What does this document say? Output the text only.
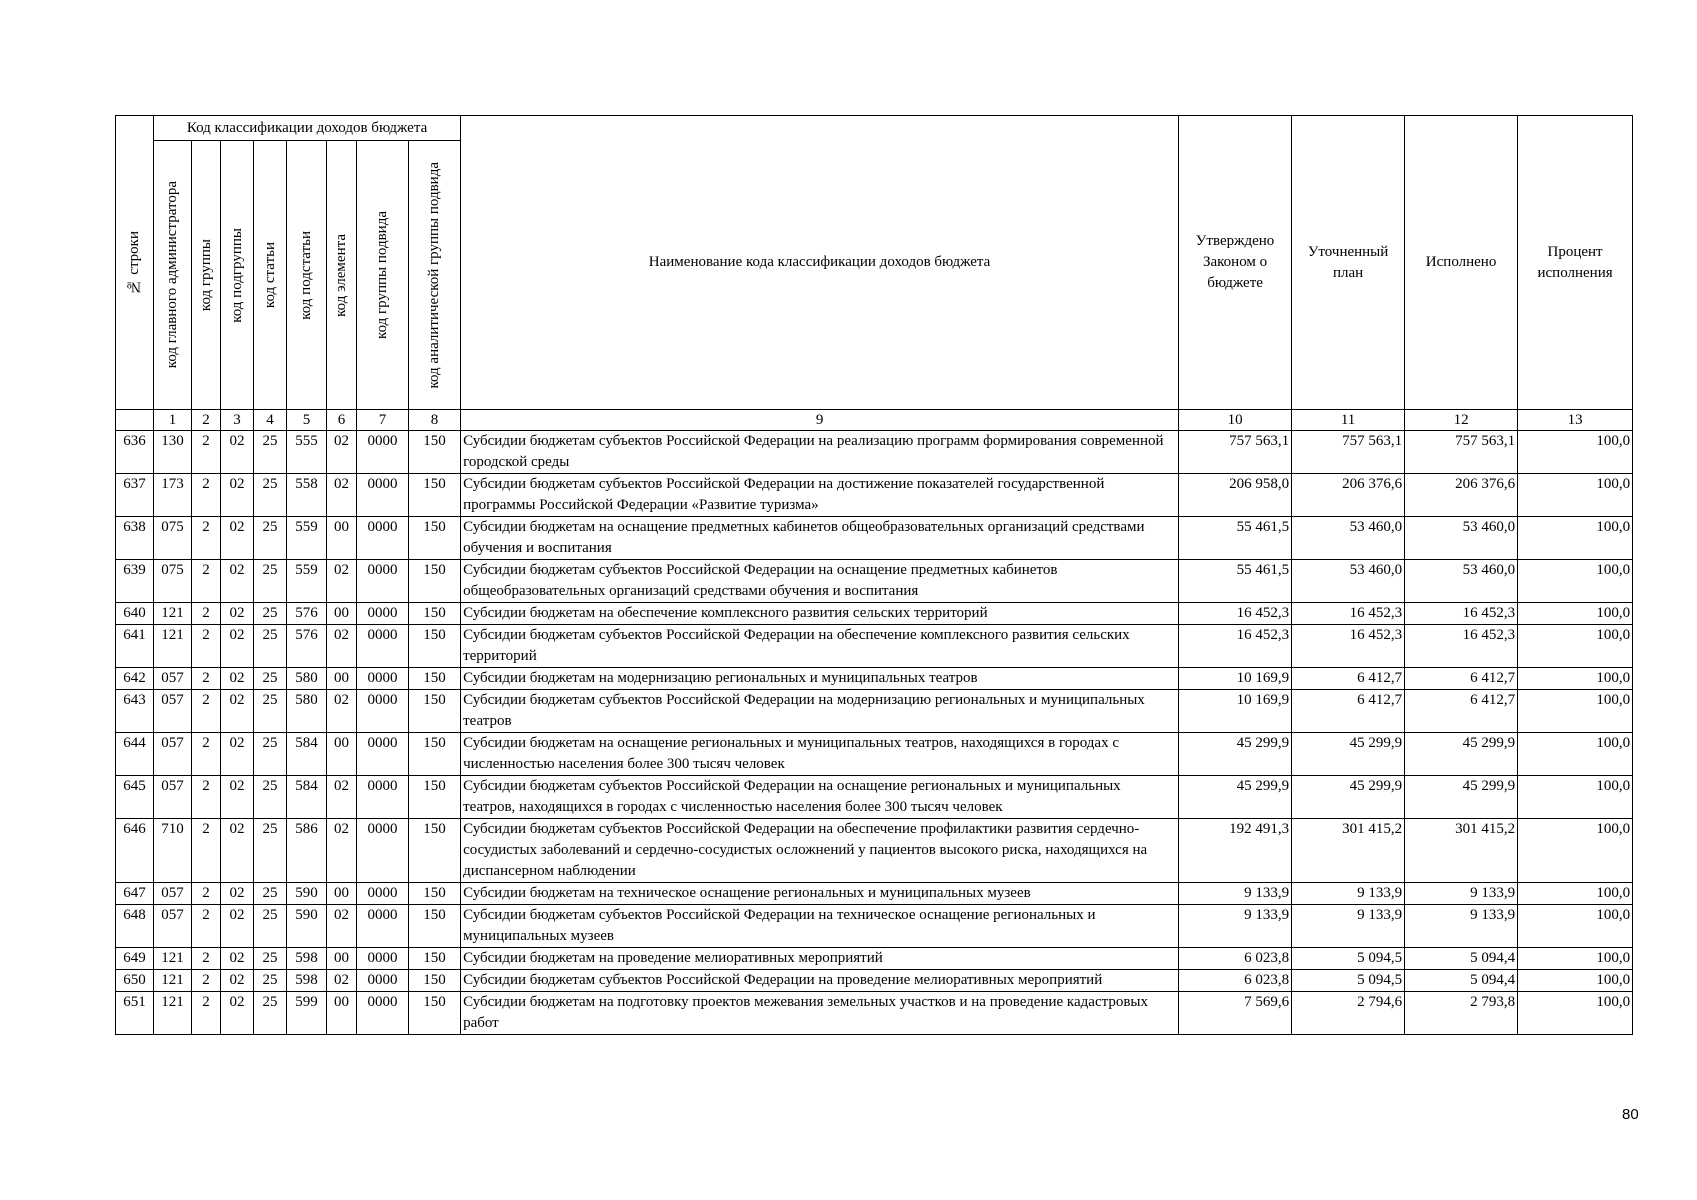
№ строки	Код классификации доходов бюджета								Наименование кода классификации доходов бюджета	Утверждено Законом о бюджете	Уточненный план	Исполнено	Процент исполнения

	код главного администратора	код группы	код подгруппы	код статьи	код подстатьи	код элемента	код группы подвида	код аналитической группы подвида					

	1	2	3	4	5	6	7	8	9	10	11	12	13
636	130	2	02	25	555	02	0000	150	Субсидии бюджетам субъектов Российской Федерации на реализацию программ формирования современной городской среды	757 563,1	757 563,1	757 563,1	100,0
637	173	2	02	25	558	02	0000	150	Субсидии бюджетам субъектов Российской Федерации на достижение показателей государственной программы Российской Федерации «Развитие туризма»	206 958,0	206 376,6	206 376,6	100,0
638	075	2	02	25	559	00	0000	150	Субсидии бюджетам на оснащение предметных кабинетов общеобразовательных организаций средствами обучения и воспитания	55 461,5	53 460,0	53 460,0	100,0
639	075	2	02	25	559	02	0000	150	Субсидии бюджетам субъектов Российской Федерации на оснащение предметных кабинетов общеобразовательных организаций средствами обучения и воспитания	55 461,5	53 460,0	53 460,0	100,0
640	121	2	02	25	576	00	0000	150	Субсидии бюджетам на обеспечение комплексного развития сельских территорий	16 452,3	16 452,3	16 452,3	100,0
641	121	2	02	25	576	02	0000	150	Субсидии бюджетам субъектов Российской Федерации на обеспечение комплексного развития сельских территорий	16 452,3	16 452,3	16 452,3	100,0
642	057	2	02	25	580	00	0000	150	Субсидии бюджетам на модернизацию региональных и муниципальных театров	10 169,9	6 412,7	6 412,7	100,0
643	057	2	02	25	580	02	0000	150	Субсидии бюджетам субъектов Российской Федерации на модернизацию региональных и муниципальных театров	10 169,9	6 412,7	6 412,7	100,0
644	057	2	02	25	584	00	0000	150	Субсидии бюджетам на оснащение региональных и муниципальных театров, находящихся в городах с численностью населения более 300 тысяч человек	45 299,9	45 299,9	45 299,9	100,0
645	057	2	02	25	584	02	0000	150	Субсидии бюджетам субъектов Российской Федерации на оснащение региональных и муниципальных театров, находящихся в городах с численностью населения более 300 тысяч человек	45 299,9	45 299,9	45 299,9	100,0
646	710	2	02	25	586	02	0000	150	Субсидии бюджетам субъектов Российской Федерации на обеспечение профилактики развития сердечно-сосудистых заболеваний и сердечно-сосудистых осложнений у пациентов высокого риска, находящихся на диспансерном наблюдении	192 491,3	301 415,2	301 415,2	100,0
647	057	2	02	25	590	00	0000	150	Субсидии бюджетам на техническое оснащение региональных и муниципальных музеев	9 133,9	9 133,9	9 133,9	100,0
648	057	2	02	25	590	02	0000	150	Субсидии бюджетам субъектов Российской Федерации на техническое оснащение региональных и муниципальных музеев	9 133,9	9 133,9	9 133,9	100,0
649	121	2	02	25	598	00	0000	150	Субсидии бюджетам на проведение мелиоративных мероприятий	6 023,8	5 094,5	5 094,4	100,0
650	121	2	02	25	598	02	0000	150	Субсидии бюджетам субъектов Российской Федерации на проведение мелиоративных мероприятий	6 023,8	5 094,5	5 094,4	100,0
651	121	2	02	25	599	00	0000	150	Субсидии бюджетам на подготовку проектов межевания земельных участков и на проведение кадастровых работ	7 569,6	2 794,6	2 793,8	100,0
80
